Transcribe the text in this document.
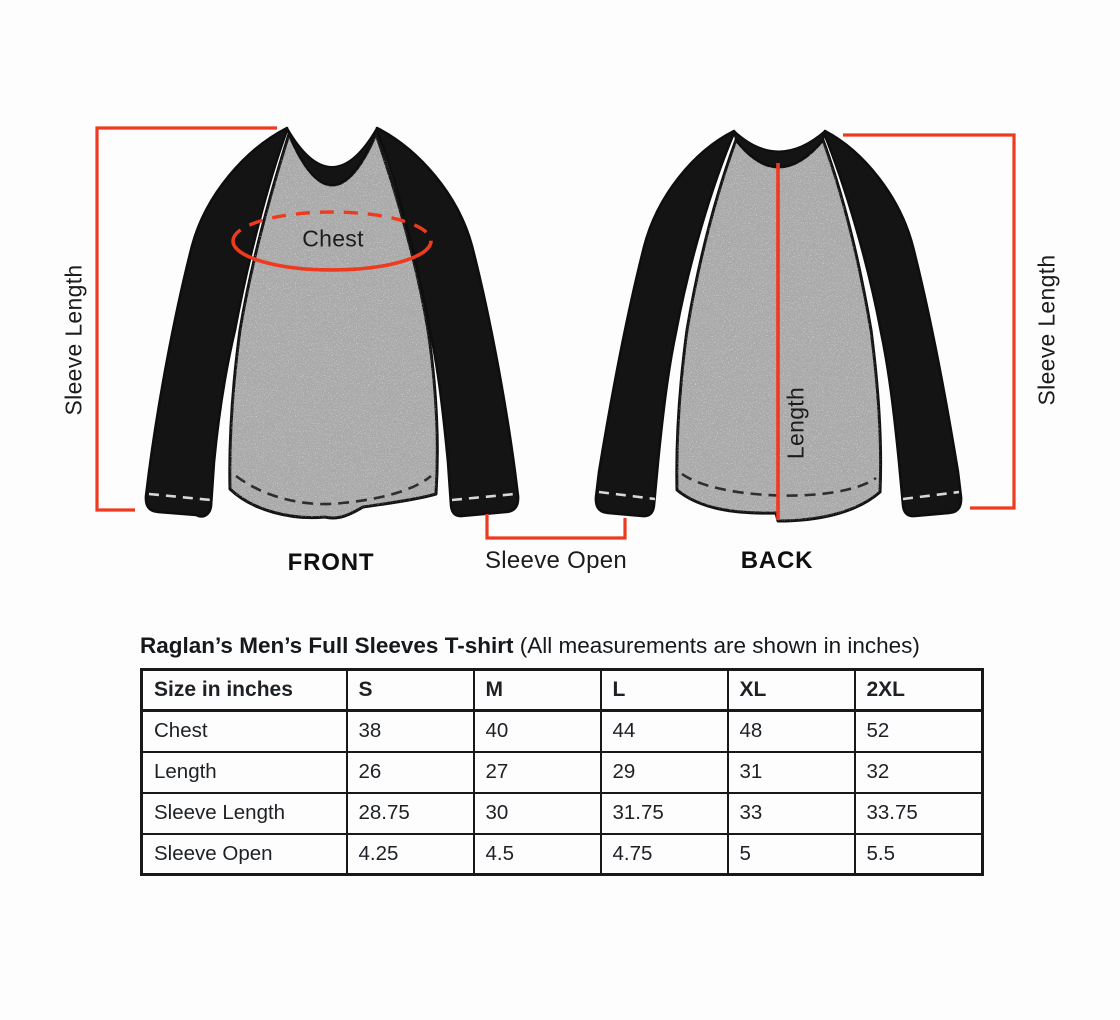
Sleeve Length	Sleeve Length
Chest
Length
Sleeve Open
FRONT	BACK
Raglan’s Men’s Full Sleeves T-shirt (All measurements are shown in inches)
Size in inches	S	M	L	XL	2XL
Chest	38	40	44	48	52
Length	26	27	29	31	32
Sleeve Length	28.75	30	31.75	33	33.75
Sleeve Open	4.25	4.5	4.75	5	5.5
